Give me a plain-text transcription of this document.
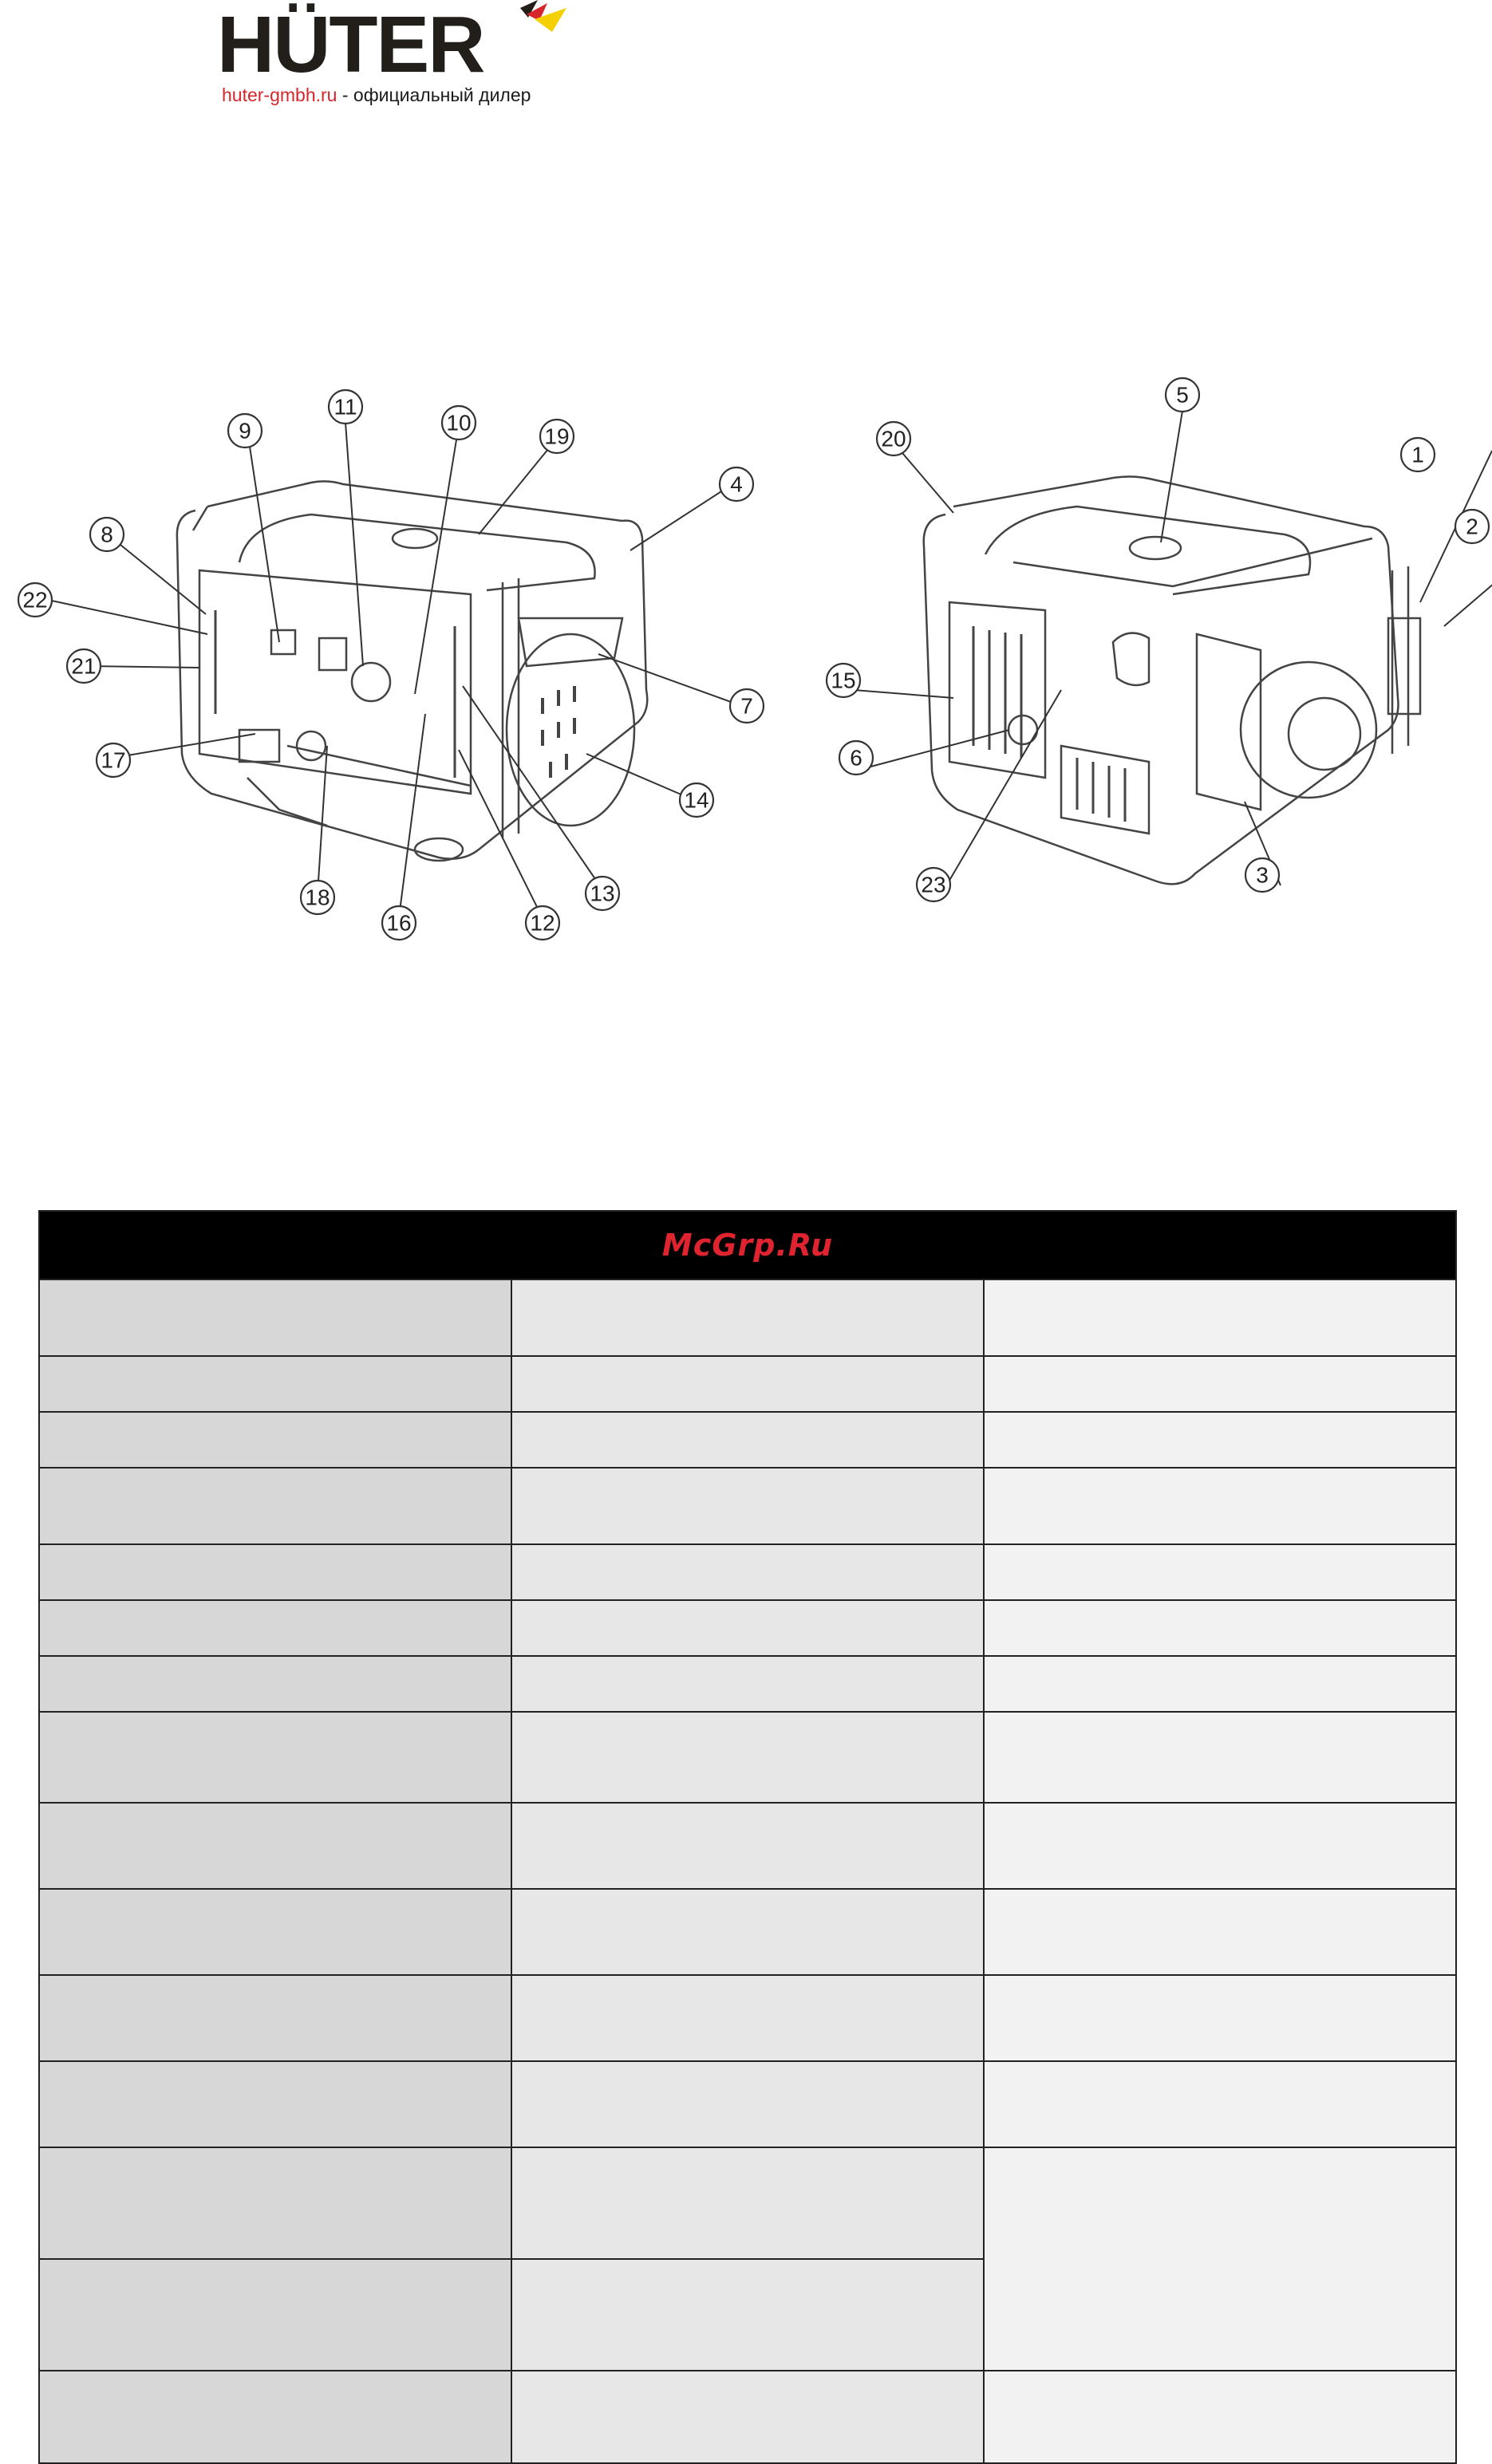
HÜTER
huter-gmbh.ru - официальный дилер
9
11
10
19
4
8
22
21
7
14
17
18
16	12
13
5
20
1
2
15
6
23	3
McGrp.Ru		
